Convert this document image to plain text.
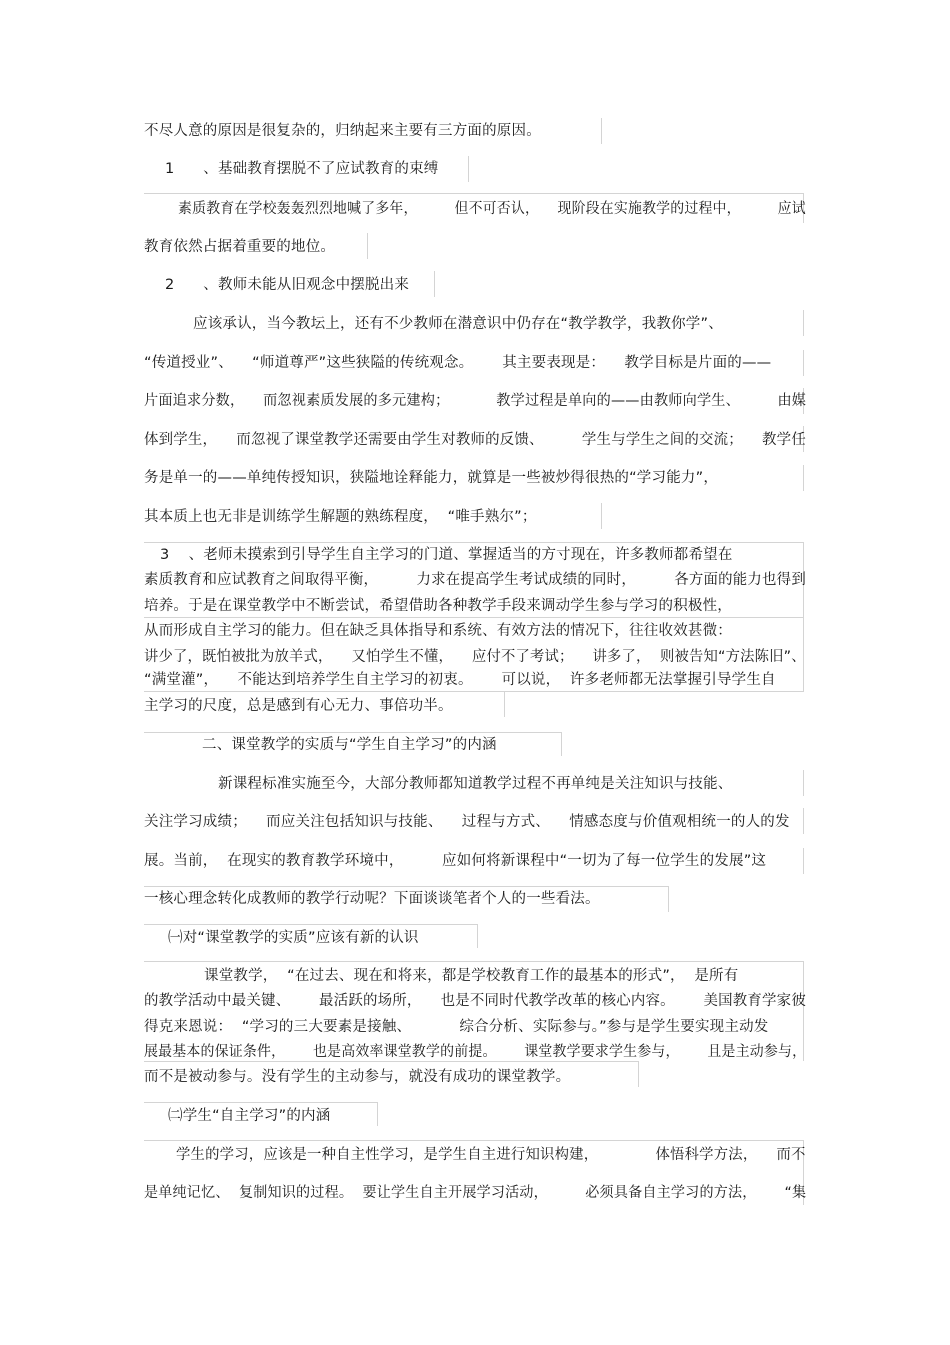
不尽人意的原因是很复杂的，归纳起来主要有三方面的原因。
1      、基础教育摆脱不了应试教育的束缚
素质教育在学校轰轰烈烈地喊了多年，        但不可否认，    现阶段在实施教学的过程中，        应试
教育依然占据着重要的地位。
2      、教师未能从旧观念中摆脱出来
应该承认，当今教坛上，还有不少教师在潜意识中仍存在“教学教学，我教你学”、
“传道授业”、    “师道尊严”这些狭隘的传统观念。      其主要表现是：    教学目标是片面的——
片面追求分数，    而忽视素质发展的多元建构；          教学过程是单向的——由教师向学生、        由媒
体到学生，    而忽视了课堂教学还需要由学生对教师的反馈、        学生与学生之间的交流；    教学任
务是单一的——单纯传授知识，狭隘地诠释能力，就算是一些被炒得很热的“学习能力”，
其本质上也无非是训练学生解题的熟练程度，  “唯手熟尔”；
3    、老师未摸索到引导学生自主学习的门道、掌握适当的方寸现在，许多教师都希望在
素质教育和应试教育之间取得平衡，        力求在提高学生考试成绩的同时，        各方面的能力也得到
培养。于是在课堂教学中不断尝试，希望借助各种教学手段来调动学生参与学习的积极性，
从而形成自主学习的能力。但在缺乏具体指导和系统、有效方法的情况下，往往收效甚微：
讲少了，既怕被批为放羊式，    又怕学生不懂，    应付不了考试；    讲多了，  则被告知“方法陈旧”、
“满堂灌”，    不能达到培养学生自主学习的初衷。      可以说，  许多老师都无法掌握引导学生自
主学习的尺度，总是感到有心无力、事倍功半。
二、课堂教学的实质与“学生自主学习”的内涵
新课程标准实施至今，大部分教师都知道教学过程不再单纯是关注知识与技能、
关注学习成绩；    而应关注包括知识与技能、    过程与方式、    情感态度与价值观相统一的人的发
展。当前，  在现实的教育教学环境中，        应如何将新课程中“一切为了每一位学生的发展”这
一核心理念转化成教师的教学行动呢？下面谈谈笔者个人的一些看法。
㈠对“课堂教学的实质”应该有新的认识
课堂教学，  “在过去、现在和将来，都是学校教育工作的最基本的形式”，  是所有
的教学活动中最关键、      最活跃的场所，    也是不同时代教学改革的核心内容。      美国教育学家彼
得克来恩说：  “学习的三大要素是接触、          综合分析、实际参与。”参与是学生要实现主动发
展最基本的保证条件，      也是高效率课堂教学的前提。      课堂教学要求学生参与，      且是主动参与，
而不是被动参与。没有学生的主动参与，就没有成功的课堂教学。
㈡学生“自主学习”的内涵
学生的学习，应该是一种自主性学习，是学生自主进行知识构建，            体悟科学方法，    而不
是单纯记忆、  复制知识的过程。  要让学生自主开展学习活动，        必须具备自主学习的方法，      “集
